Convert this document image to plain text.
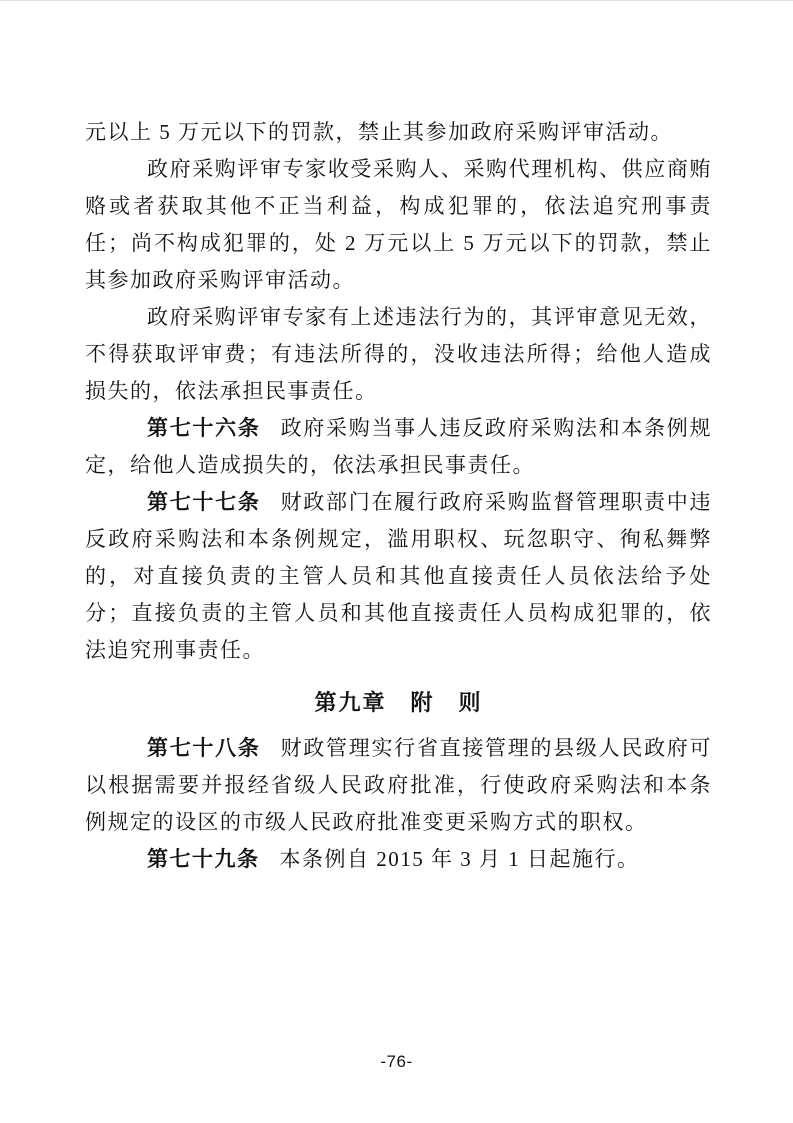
元以上 5 万元以下的罚款，禁止其参加政府采购评审活动。

政府采购评审专家收受采购人、采购代理机构、供应商贿赂或者获取其他不正当利益，构成犯罪的，依法追究刑事责任；尚不构成犯罪的，处 2 万元以上 5 万元以下的罚款，禁止其参加政府采购评审活动。

政府采购评审专家有上述违法行为的，其评审意见无效，不得获取评审费；有违法所得的，没收违法所得；给他人造成损失的，依法承担民事责任。

第七十六条 政府采购当事人违反政府采购法和本条例规定，给他人造成损失的，依法承担民事责任。

第七十七条 财政部门在履行政府采购监督管理职责中违反政府采购法和本条例规定，滥用职权、玩忽职守、徇私舞弊的，对直接负责的主管人员和其他直接责任人员依法给予处分；直接负责的主管人员和其他直接责任人员构成犯罪的，依法追究刑事责任。

第九章　附　则

第七十八条 财政管理实行省直接管理的县级人民政府可以根据需要并报经省级人民政府批准，行使政府采购法和本条例规定的设区的市级人民政府批准变更采购方式的职权。

第七十九条 本条例自 2015 年 3 月 1 日起施行。

-76-
